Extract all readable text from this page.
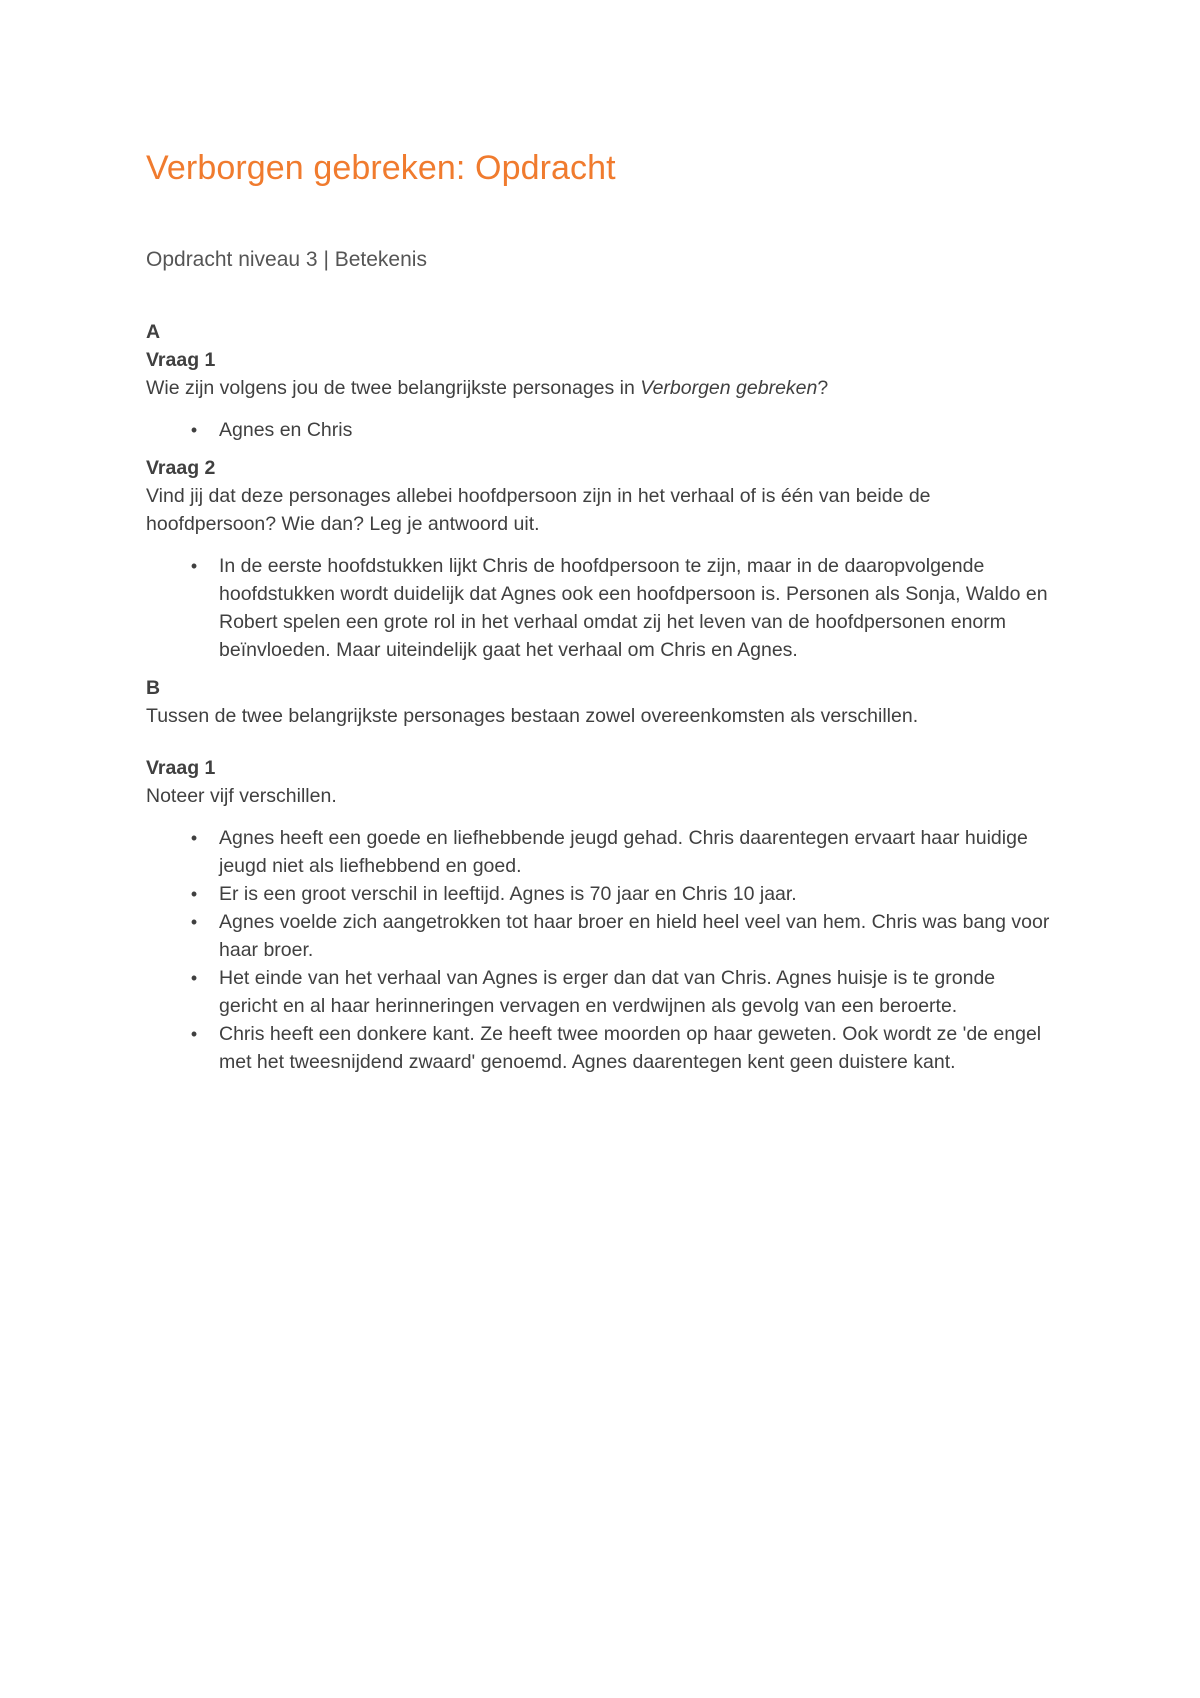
Verborgen gebreken: Opdracht

Opdracht niveau 3 | Betekenis

A

Vraag 1

Wie zijn volgens jou de twee belangrijkste personages in Verborgen gebreken?

•	Agnes en Chris

Vraag 2

Vind jij dat deze personages allebei hoofdpersoon zijn in het verhaal of is één van beide de hoofdpersoon? Wie dan? Leg je antwoord uit.

•	In de eerste hoofdstukken lijkt Chris de hoofdpersoon te zijn, maar in de daaropvolgende hoofdstukken wordt duidelijk dat Agnes ook een hoofdpersoon is. Personen als Sonja, Waldo en Robert spelen een grote rol in het verhaal omdat zij het leven van de hoofdpersonen enorm beïnvloeden. Maar uiteindelijk gaat het verhaal om Chris en Agnes.

B

Tussen de twee belangrijkste personages bestaan zowel overeenkomsten als verschillen.

Vraag 1

Noteer vijf verschillen.

•	Agnes heeft een goede en liefhebbende jeugd gehad. Chris daarentegen ervaart haar huidige jeugd niet als liefhebbend en goed.
•	Er is een groot verschil in leeftijd. Agnes is 70 jaar en Chris 10 jaar.
•	Agnes voelde zich aangetrokken tot haar broer en hield heel veel van hem. Chris was bang voor haar broer.
•	Het einde van het verhaal van Agnes is erger dan dat van Chris. Agnes huisje is te gronde gericht en al haar herinneringen vervagen en verdwijnen als gevolg van een beroerte.
•	Chris heeft een donkere kant. Ze heeft twee moorden op haar geweten. Ook wordt ze 'de engel met het tweesnijdend zwaard' genoemd. Agnes daarentegen kent geen duistere kant.
